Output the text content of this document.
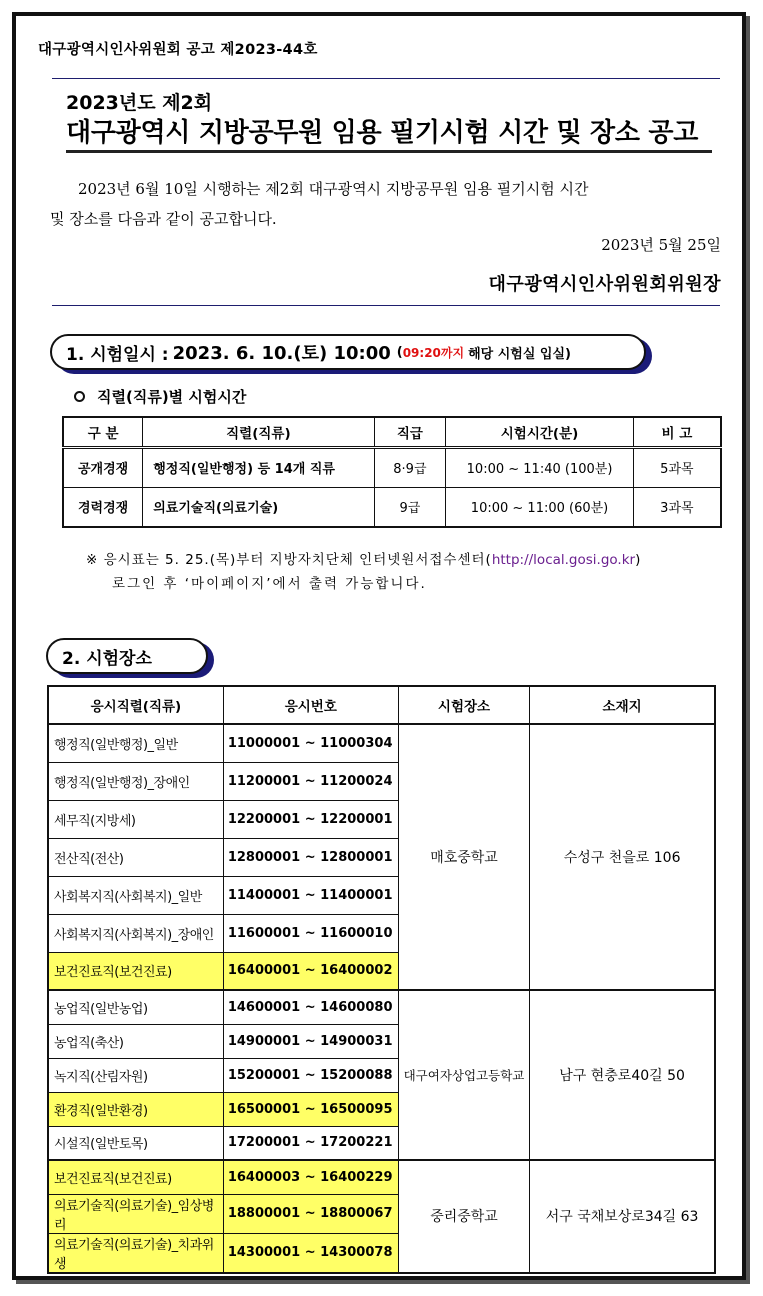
대구광역시인사위원회 공고 제2023-44호
2023년도 제2회
대구광역시 지방공무원 임용 필기시험 시간 및 장소 공고
2023년 6월 10일 시행하는 제2회 대구광역시 지방공무원 임용 필기시험 시간
및 장소를 다음과 같이 공고합니다.
2023년 5월 25일
대구광역시인사위원회위원장
1. 시험일시 : 2023. 6. 10.(토) 10:00 ( 09:20까지 해당 시험실 입실)
직렬(직류)별 시험시간
구 분	직렬(직류)	직급	시험시간(분)	비 고
공개경쟁	행정직(일반행정) 등 14개 직류	8·9급	10:00 ~ 11:40 (100분)	5과목
경력경쟁	의료기술직(의료기술)	9급	10:00 ~ 11:00 (60분)	3과목
※ 응시표는 5. 25.(목)부터 지방자치단체 인터넷원서접수센터(http://local.gosi.go.kr)
로그인 후 ‘마이페이지’에서 출력 가능합니다.
2. 시험장소
응시직렬(직류)	응시번호	시험장소	소재지
행정직(일반행정)_일반	11000001 ~ 11000304	매호중학교	수성구 천을로 106
행정직(일반행정)_장애인	11200001 ~ 11200024		
세무직(지방세)	12200001 ~ 12200001		
전산직(전산)	12800001 ~ 12800001		
사회복지직(사회복지)_일반	11400001 ~ 11400001		
사회복지직(사회복지)_장애인	11600001 ~ 11600010		
보건진료직(보건진료)	16400001 ~ 16400002		
농업직(일반농업)	14600001 ~ 14600080	대구여자상업고등학교	남구 현충로40길 50
농업직(축산)	14900001 ~ 14900031		
녹지직(산림자원)	15200001 ~ 15200088		
환경직(일반환경)	16500001 ~ 16500095		
시설직(일반토목)	17200001 ~ 17200221		
보건진료직(보건진료)	16400003 ~ 16400229	중리중학교	서구 국채보상로34길 63
의료기술직(의료기술)_임상병리	18800001 ~ 18800067		
의료기술직(의료기술)_치과위생	14300001 ~ 14300078		
